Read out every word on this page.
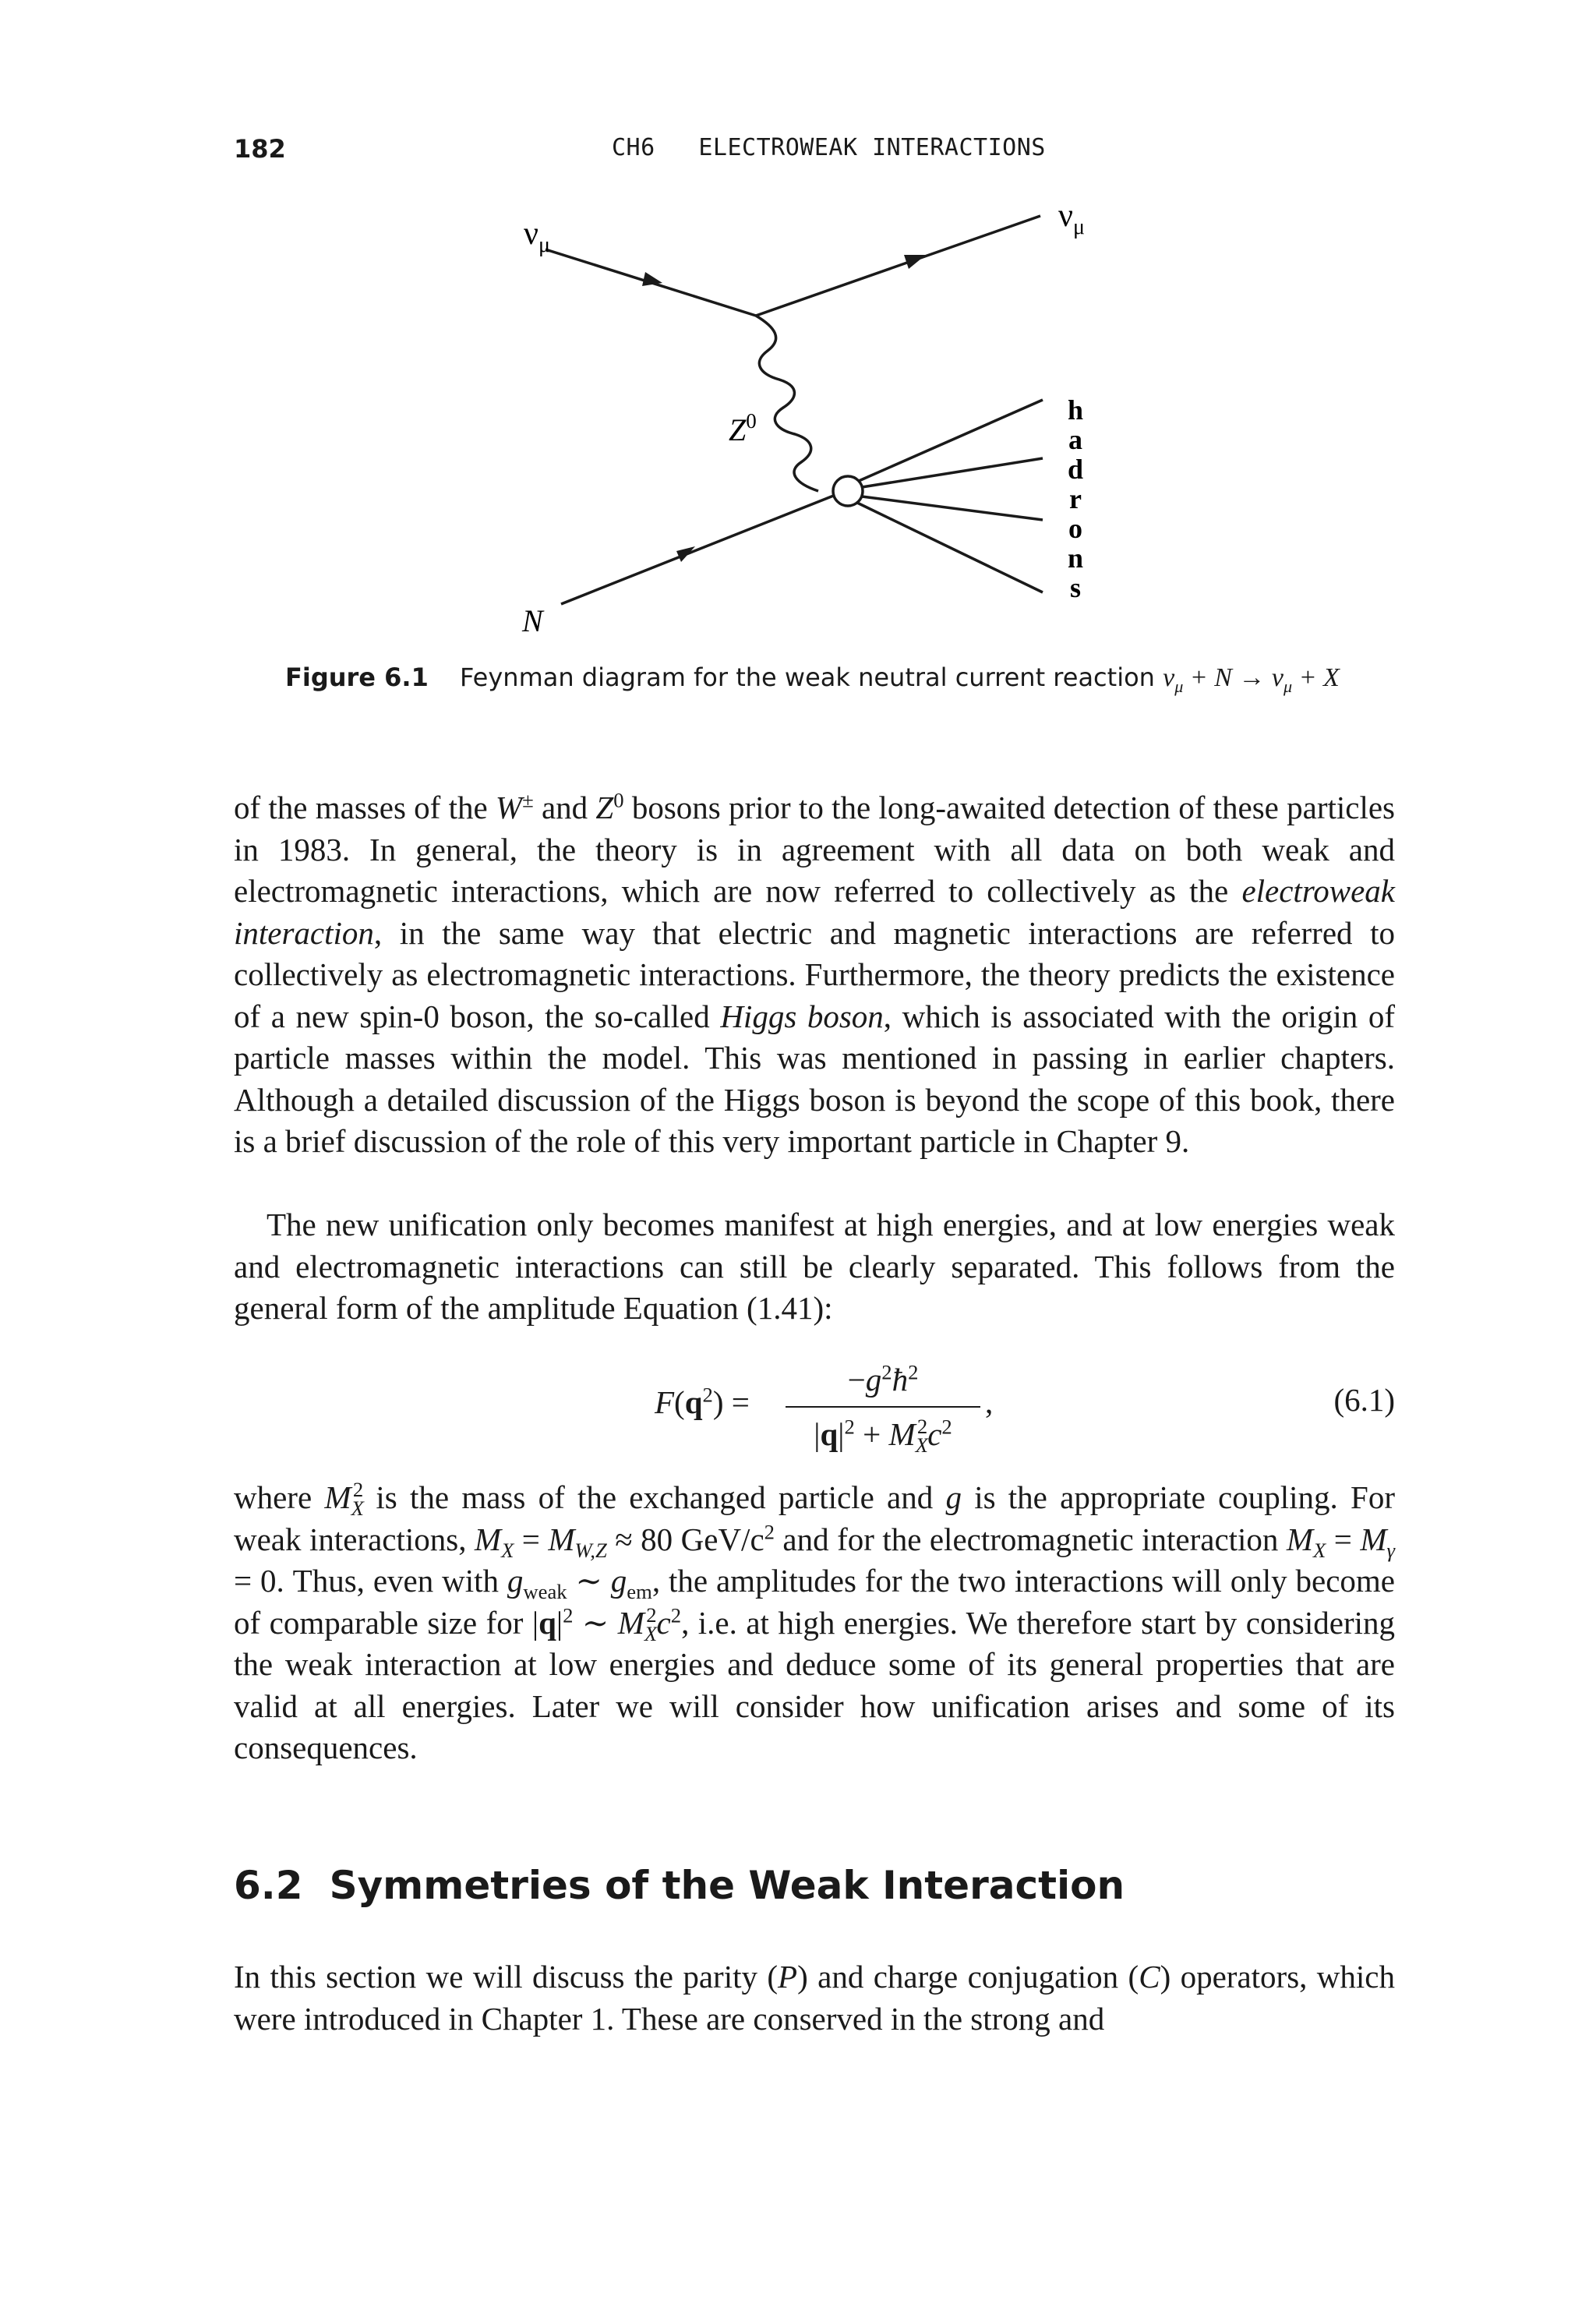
182	CH6   ELECTROWEAK INTERACTIONS
$\nu_\mu$
$\nu_\mu$
$Z^0$
N
h
a
d
r
o
n
s
Figure 6.1 Feynman diagram for the weak neutral current reaction $\nu_\mu + N \to \nu_\mu + X$

of the masses of the W± and $Z^0$ bosons prior to the long-awaited detection of these particles in 1983. In general, the theory is in agreement with all data on both weak and electromagnetic interactions, which are now referred to collectively as the electroweak interaction, in the same way that electric and magnetic interactions are referred to collectively as electromagnetic interactions. Furthermore, the theory predicts the existence of a new spin-0 boson, the so-called Higgs boson, which is associated with the origin of particle masses within the model. This was mentioned in passing in earlier chapters. Although a detailed discussion of the Higgs boson is beyond the scope of this book, there is a brief discussion of the role of this very important particle in Chapter 9.

The new unification only becomes manifest at high energies, and at low energies weak and electromagnetic interactions can still be clearly separated. This follows from the general form of the amplitude Equation (1.41):

$F(q^2)$ =
$-g^2ħ^2$
$|q|^2 + M_X^2c^2$
,	(6.1)

where $M_X^2$ is the mass of the exchanged particle and g is the appropriate coupling. For weak interactions, $M_X = M_{W,Z} \approx 80$ GeV/$c^2$ and for the electromagnetic interaction $M_X = M_\gamma = 0$. Thus, even with $g_{weak}$ ∼ $g_{em}$, the amplitudes for the two interactions will only become of comparable size for $|q|^2$ ∼ $M_X^2c^2$, i.e. at high energies. We therefore start by considering the weak interaction at low energies and deduce some of its general properties that are valid at all energies. Later we will consider how unification arises and some of its consequences.

6.2 Symmetries of the Weak Interaction

In this section we will discuss the parity (P) and charge conjugation (C) operators, which were introduced in Chapter 1. These are conserved in the strong and
